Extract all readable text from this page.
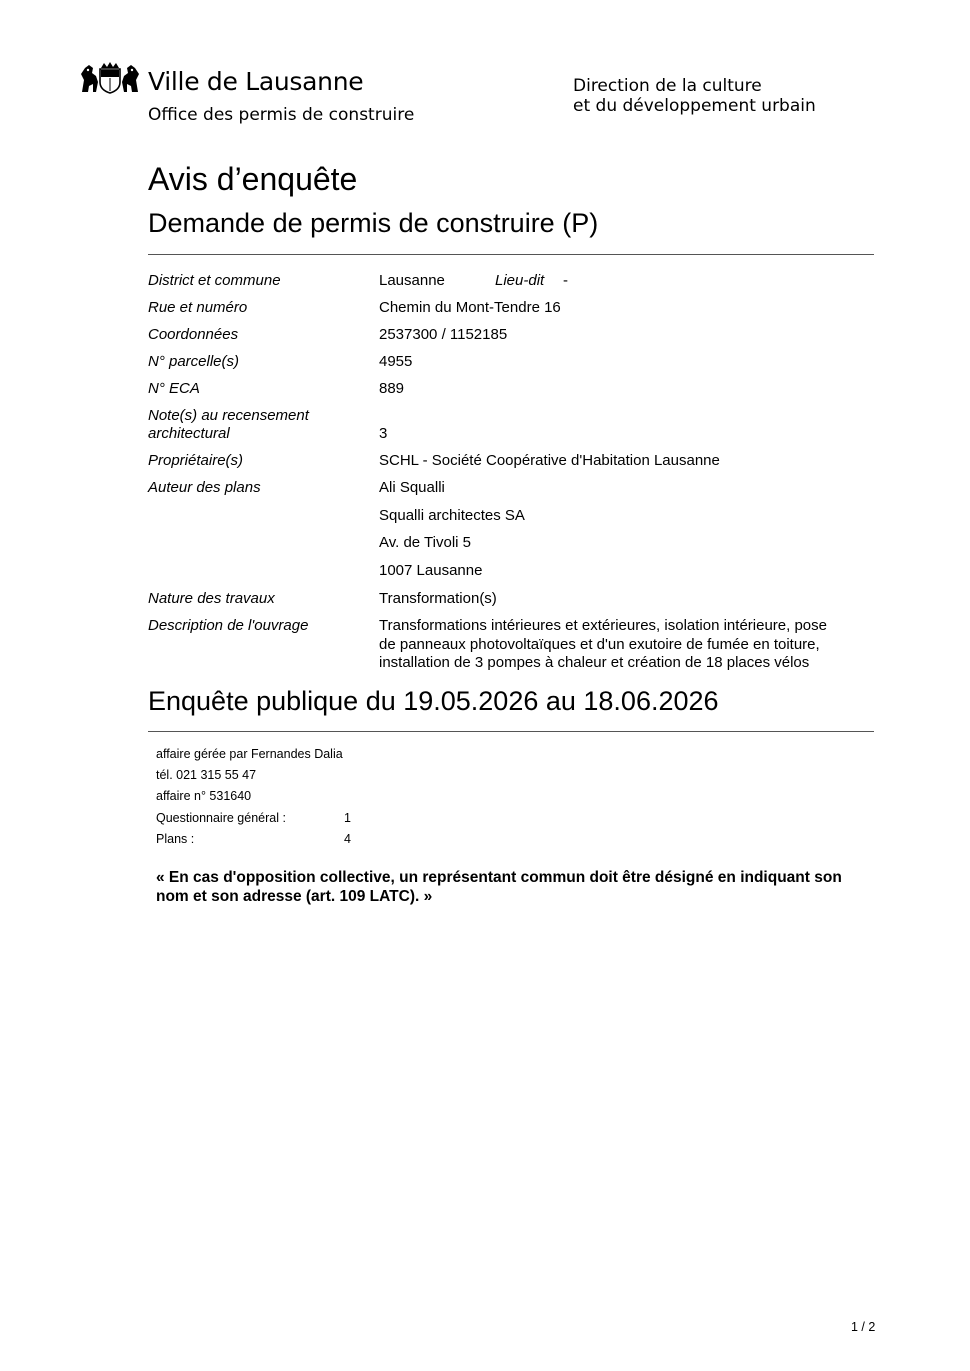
Ville de Lausanne
Office des permis de construire
Direction de la culture
et du développement urbain
Avis d’enquête
Demande de permis de construire (P)
District et commune	Lausanne	Lieu-dit -
Rue et numéro	Chemin du Mont-Tendre 16
Coordonnées	2537300 / 1152185
N° parcelle(s)	4955
N° ECA	889
Note(s) au recensement
architectural	3
Propriétaire(s)	SCHL - Société Coopérative d'Habitation Lausanne
Auteur des plans	Ali Squalli
Squalli architectes SA
Av. de Tivoli 5
1007 Lausanne
Nature des travaux	Transformation(s)
Description de l'ouvrage	Transformations intérieures et extérieures, isolation intérieure, pose
de panneaux photovoltaïques et d'un exutoire de fumée en toiture,
installation de 3 pompes à chaleur et création de 18 places vélos
Enquête publique du 19.05.2026 au 18.06.2026
affaire gérée par Fernandes Dalia
tél. 021 315 55 47
affaire n° 531640
Questionnaire général :	1
Plans :	4
« En cas d'opposition collective, un représentant commun doit être désigné en indiquant son nom et son adresse (art. 109 LATC). »
1 / 2
